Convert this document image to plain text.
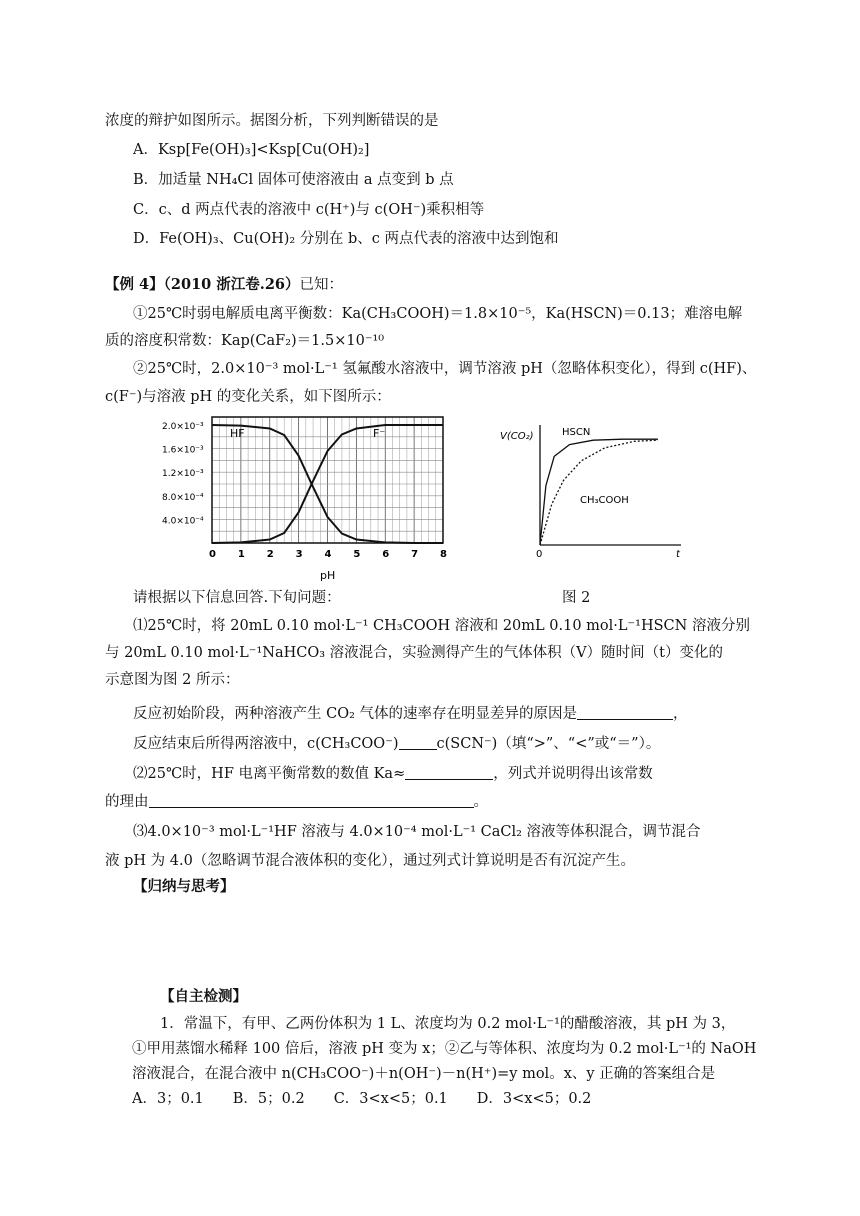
浓度的辩护如图所示。据图分析，下列判断错误的是
A．Ksp[Fe(OH)₃]<Ksp[Cu(OH)₂]
B．加适量 NH₄Cl 固体可使溶液由 a 点变到 b 点
C．c、d 两点代表的溶液中 c(H⁺)与 c(OH⁻)乘积相等
D．Fe(OH)₃、Cu(OH)₂ 分别在 b、c 两点代表的溶液中达到饱和
【例 4】（2010 浙江卷.26）已知：
①25℃时弱电解质电离平衡数：Ka(CH₃COOH)＝1.8×10⁻⁵，Ka(HSCN)＝0.13；难溶电解
质的溶度积常数：Kap(CaF₂)＝1.5×10⁻¹⁰
②25℃时，2.0×10⁻³ mol·L⁻¹ 氢氟酸水溶液中，调节溶液 pH（忽略体积变化），得到 c(HF)、
c(F⁻)与溶液 pH 的变化关系，如下图所示：
2.0×10⁻³
1.6×10⁻³
1.2×10⁻³
8.0×10⁻⁴
4.0×10⁻⁴
0 1 2 3 4 5 6 7 8
HF	F⁻
pH
V(CO₂)
0	t
HSCN
CH₃COOH
请根据以下信息回答.下旬问题：	图 2
⑴25℃时，将 20mL 0.10 mol·L⁻¹ CH₃COOH 溶液和 20mL 0.10 mol·L⁻¹HSCN 溶液分别
与 20mL 0.10 mol·L⁻¹NaHCO₃ 溶液混合，实验测得产生的气体体积（V）随时间（t）变化的
示意图为图 2 所示：
反应初始阶段，两种溶液产生 CO₂ 气体的速率存在明显差异的原因是	，
反应结束后所得两溶液中，c(CH₃COO⁻)	c(SCN⁻)（填“>”、“<”或“＝”）。
⑵25℃时，HF 电离平衡常数的数值 Ka≈	，列式并说明得出该常数
的理由	。
⑶4.0×10⁻³ mol·L⁻¹HF 溶液与 4.0×10⁻⁴ mol·L⁻¹ CaCl₂ 溶液等体积混合，调节混合
液 pH 为 4.0（忽略调节混合液体积的变化），通过列式计算说明是否有沉淀产生。
【归纳与思考】
【自主检测】
1．常温下，有甲、乙两份体积为 1 L、浓度均为 0.2 mol·L⁻¹的醋酸溶液，其 pH 为 3，
①甲用蒸馏水稀释 100 倍后，溶液 pH 变为 x；②乙与等体积、浓度均为 0.2 mol·L⁻¹的 NaOH
溶液混合，在混合液中 n(CH₃COO⁻)＋n(OH⁻)－n(H⁺)=y mol。x、y 正确的答案组合是
A．3；0.1　　B．5；0.2　　C．3<x<5；0.1　　D．3<x<5；0.2
